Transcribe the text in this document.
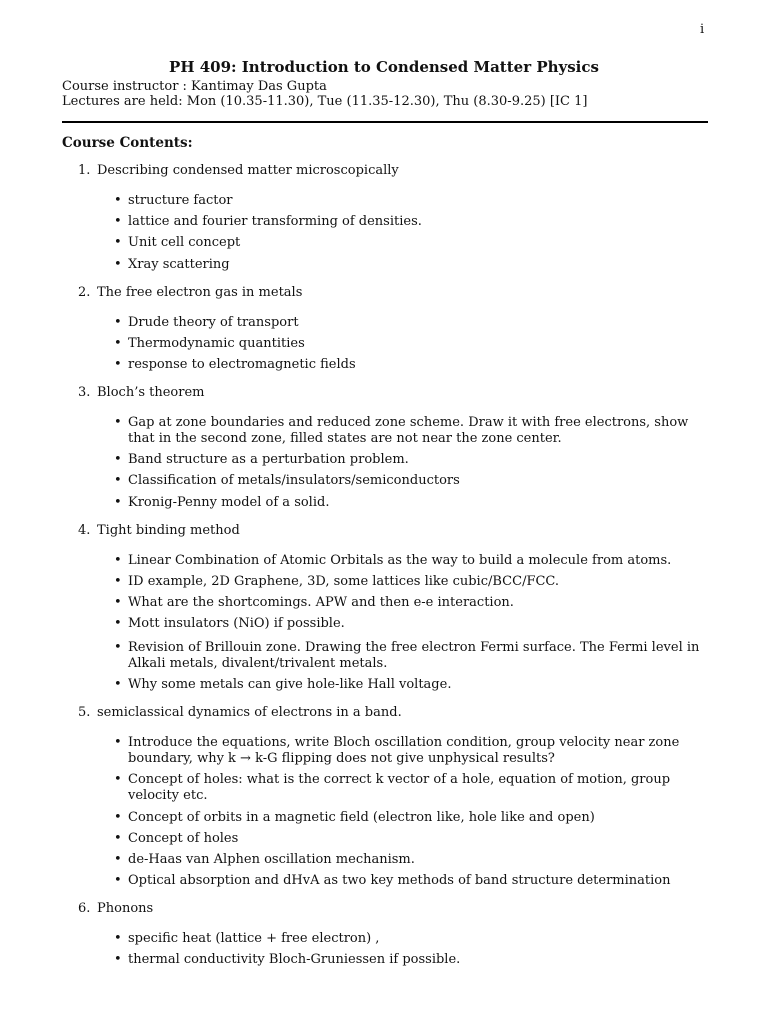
i
PH 409: Introduction to Condensed Matter Physics
Course instructor : Kantimay Das Gupta
Lectures are held: Mon (10.35-11.30), Tue (11.35-12.30), Thu (8.30-9.25) [IC 1]
Course Contents:
1. Describing condensed matter microscopically
• structure factor
• lattice and fourier transforming of densities.
• Unit cell concept
• Xray scattering
2. The free electron gas in metals
• Drude theory of transport
• Thermodynamic quantities
• response to electromagnetic fields
3. Bloch’s theorem
• Gap at zone boundaries and reduced zone scheme. Draw it with free electrons, show that in the second zone, filled states are not near the zone center.
• Band structure as a perturbation problem.
• Classification of metals/insulators/semiconductors
• Kronig-Penny model of a solid.
4. Tight binding method
• Linear Combination of Atomic Orbitals as the way to build a molecule from atoms.
• ID example, 2D Graphene, 3D, some lattices like cubic/BCC/FCC.
• What are the shortcomings. APW and then e-e interaction.
• Mott insulators (NiO) if possible.
• Revision of Brillouin zone. Drawing the free electron Fermi surface. The Fermi level in Alkali metals, divalent/trivalent metals.
• Why some metals can give hole-like Hall voltage.
5. semiclassical dynamics of electrons in a band.
• Introduce the equations, write Bloch oscillation condition, group velocity near zone boundary, why k → k-G flipping does not give unphysical results?
• Concept of holes: what is the correct k vector of a hole, equation of motion, group velocity etc.
• Concept of orbits in a magnetic field (electron like, hole like and open)
• Concept of holes
• de-Haas van Alphen oscillation mechanism.
• Optical absorption and dHvA as two key methods of band structure determination
6. Phonons
• specific heat (lattice + free electron) ,
• thermal conductivity Bloch-Gruniessen if possible.
